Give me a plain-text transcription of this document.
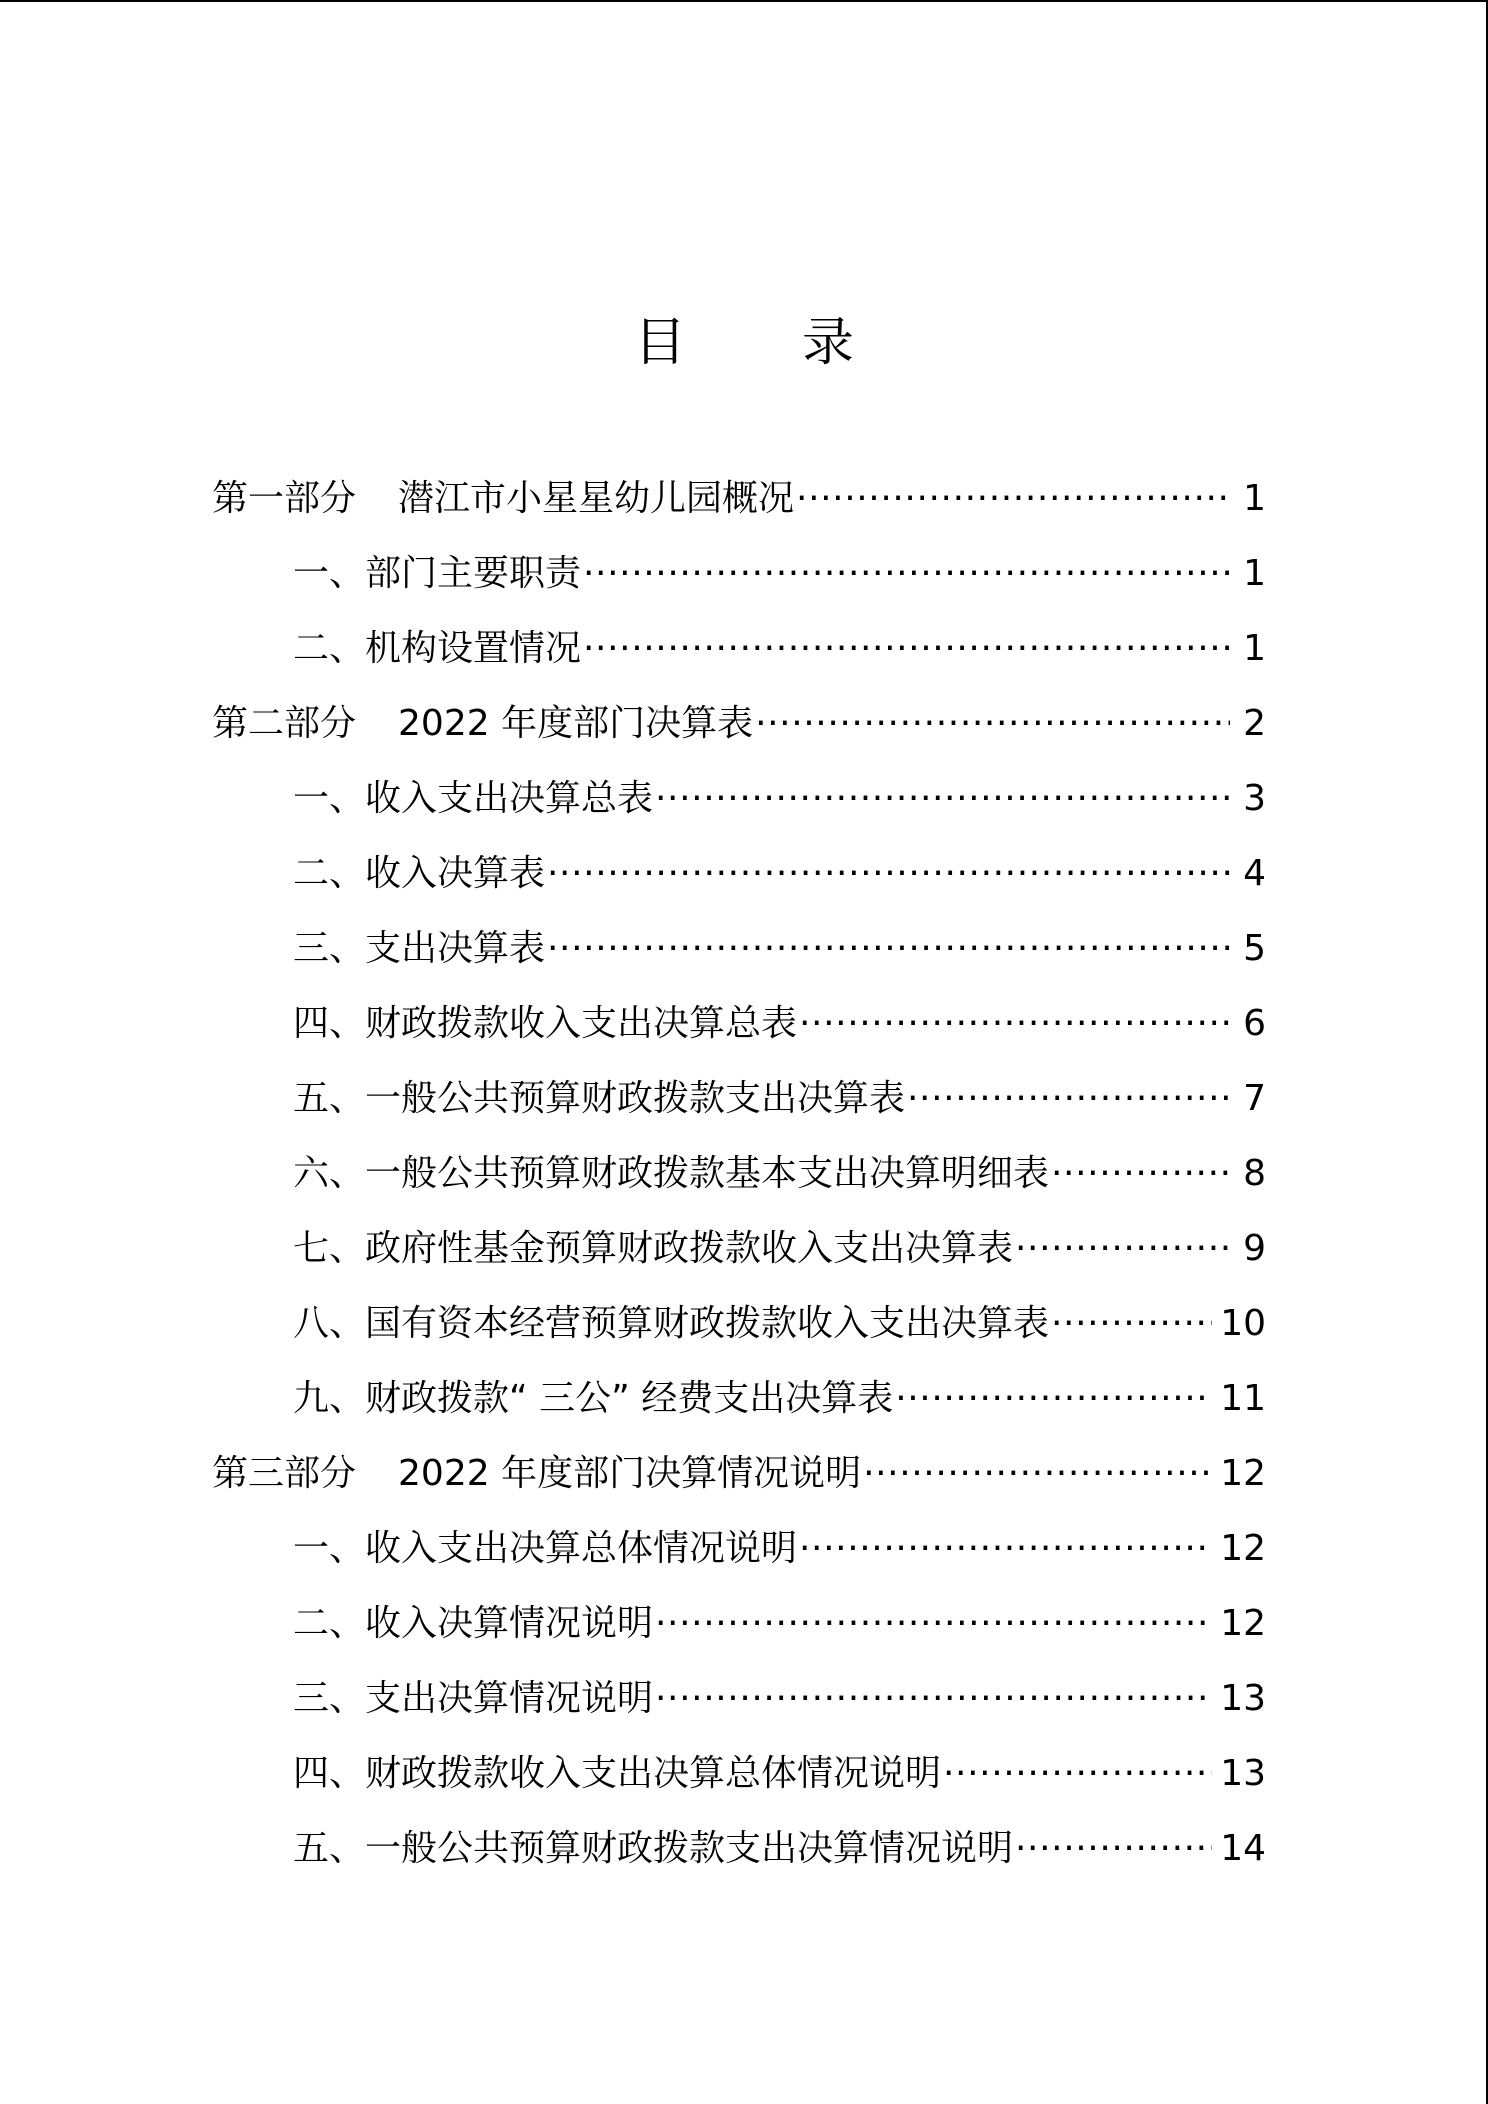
目 录
第一部分 潜江市小星星幼儿园概况 ·····	1
一、部门主要职责 ·····	1
二、机构设置情况 ·····	1
第二部分 2022 年度部门决算表 ·····	2
一、收入支出决算总表 ·····	3
二、收入决算表 ·····	4
三、支出决算表 ·····	5
四、财政拨款收入支出决算总表 ·····	6
五、一般公共预算财政拨款支出决算表 ·····	7
六、一般公共预算财政拨款基本支出决算明细表 ·····	8
七、政府性基金预算财政拨款收入支出决算表 ·····	9
八、国有资本经营预算财政拨款收入支出决算表 ·····	10
九、财政拨款“ 三公” 经费支出决算表 ·····	11
第三部分 2022 年度部门决算情况说明 ·····	12
一、收入支出决算总体情况说明 ·····	12
二、收入决算情况说明 ·····	12
三、支出决算情况说明 ·····	13
四、财政拨款收入支出决算总体情况说明 ·····	13
五、一般公共预算财政拨款支出决算情况说明 ·····	14
